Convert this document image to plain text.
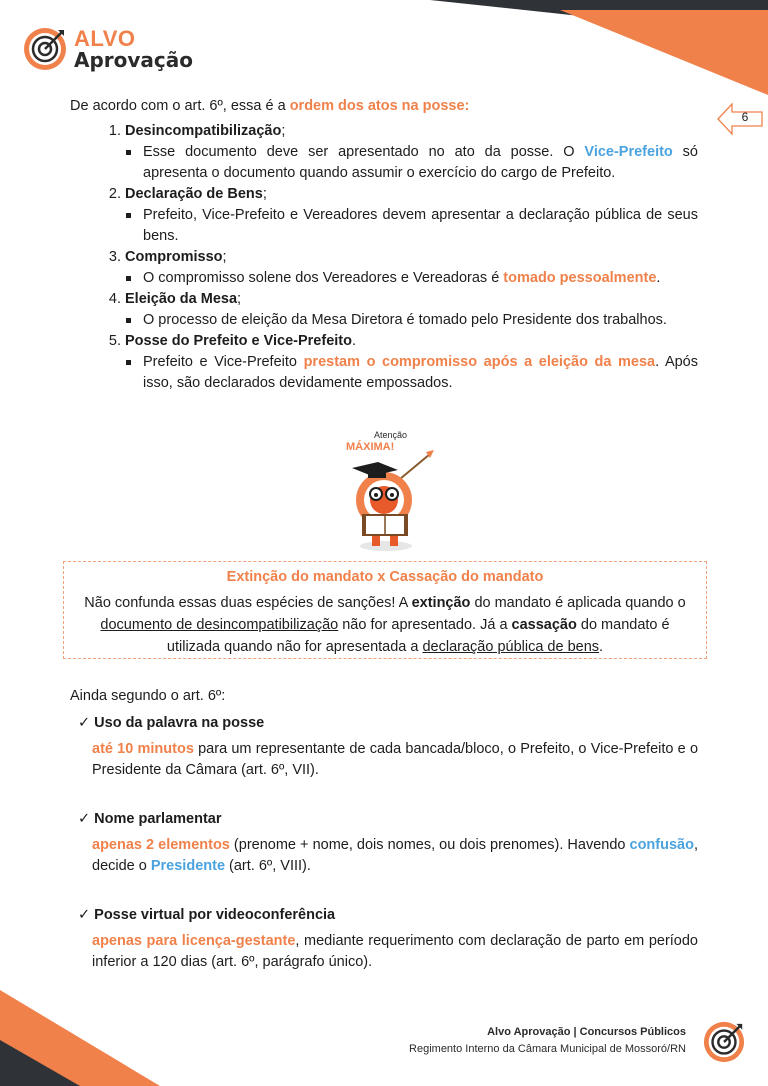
ALVO
Aprovação
6

De acordo com o art. 6º, essa é a ordem dos atos na posse:

1. Desincompatibilização;
Esse documento deve ser apresentado no ato da posse. O Vice-Prefeito só apresenta o documento quando assumir o exercício do cargo de Prefeito.
2. Declaração de Bens;
Prefeito, Vice-Prefeito e Vereadores devem apresentar a declaração pública de seus bens.
3. Compromisso;
O compromisso solene dos Vereadores e Vereadoras é tomado pessoalmente.
4. Eleição da Mesa;
O processo de eleição da Mesa Diretora é tomado pelo Presidente dos trabalhos.
5. Posse do Prefeito e Vice-Prefeito.
Prefeito e Vice-Prefeito prestam o compromisso após a eleição da mesa. Após isso, são declarados devidamente empossados.
Atenção
MÁXIMA!
Extinção do mandato x Cassação do mandato
Não confunda essas duas espécies de sanções! A extinção do mandato é aplicada quando o documento de desincompatibilização não for apresentado. Já a cassação do mandato é utilizada quando não for apresentada a declaração pública de bens.
Ainda segundo o art. 6º:
✓ Uso da palavra na posse
até 10 minutos para um representante de cada bancada/bloco, o Prefeito, o Vice-Prefeito e o Presidente da Câmara (art. 6º, VII).
✓ Nome parlamentar
apenas 2 elementos (prenome + nome, dois nomes, ou dois prenomes). Havendo confusão, decide o Presidente (art. 6º, VIII).
✓ Posse virtual por videoconferência
apenas para licença-gestante, mediante requerimento com declaração de parto em período inferior a 120 dias (art. 6º, parágrafo único).
Alvo Aprovação | Concursos Públicos
Regimento Interno da Câmara Municipal de Mossoró/RN
